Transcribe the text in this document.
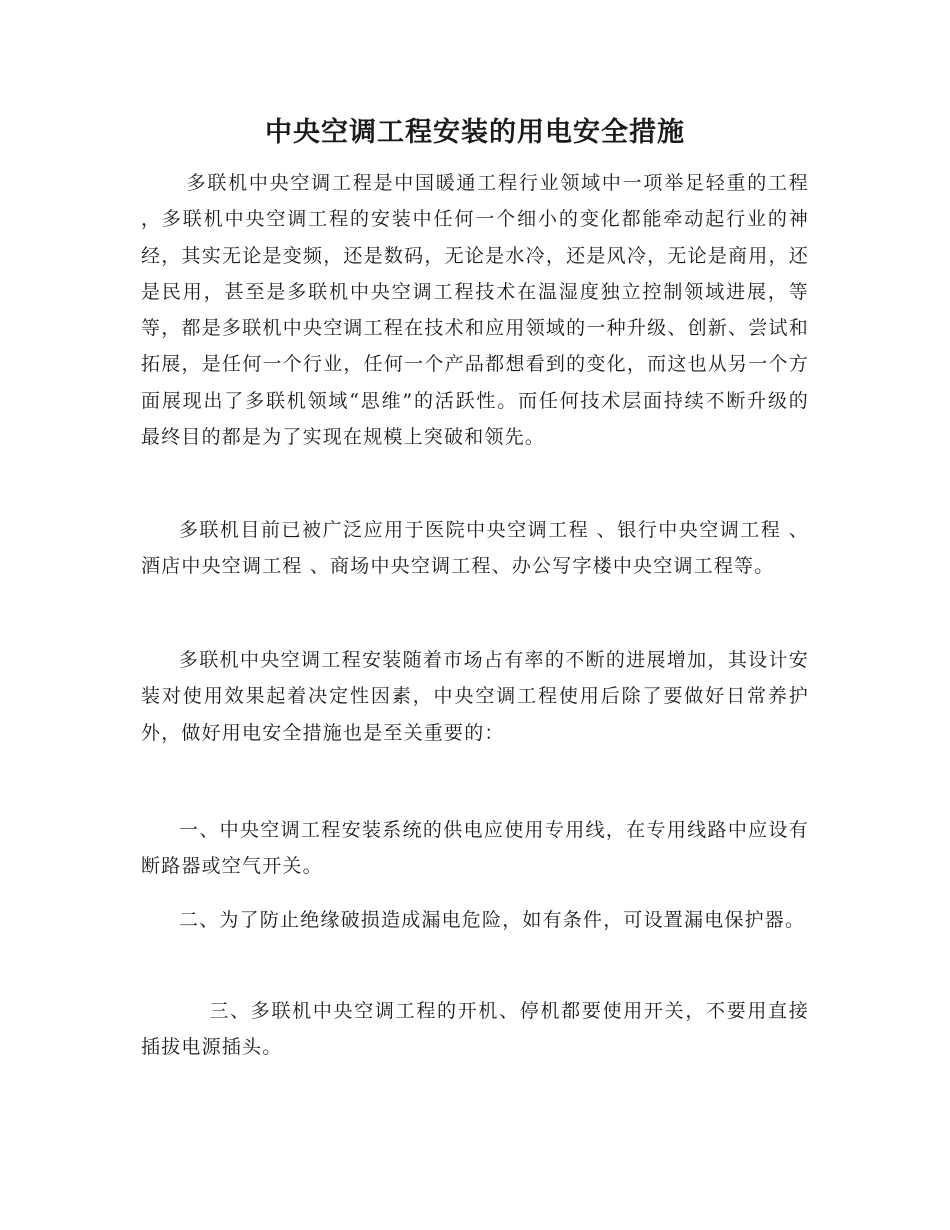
中央空调工程安装的用电安全措施

多联机中央空调工程是中国暖通工程行业领域中一项举足轻重的工程 ，多联机中央空调工程的安装中任何一个细小的变化都能牵动起行业的神经，其实无论是变频，还是数码，无论是水冷，还是风冷，无论是商用，还是民用，甚至是多联机中央空调工程技术在温湿度独立控制领域进展，等等，都是多联机中央空调工程在技术和应用领域的一种升级、创新、尝试和拓展，是任何一个行业，任何一个产品都想看到的变化，而这也从另一个方面展现出了多联机领域“思维”的活跃性。而任何技术层面持续不断升级的最终目的都是为了实现在规模上突破和领先。

多联机目前已被广泛应用于医院中央空调工程 、银行中央空调工程 、酒店中央空调工程 、商场中央空调工程、办公写字楼中央空调工程等。

多联机中央空调工程安装随着市场占有率的不断的进展增加，其设计安装对使用效果起着决定性因素，中央空调工程使用后除了要做好日常养护外，做好用电安全措施也是至关重要的：

一、中央空调工程安装系统的供电应使用专用线，在专用线路中应设有断路器或空气开关。

二、为了防止绝缘破损造成漏电危险，如有条件，可设置漏电保护器。

三、多联机中央空调工程的开机、停机都要使用开关，不要用直接插拔电源插头。
